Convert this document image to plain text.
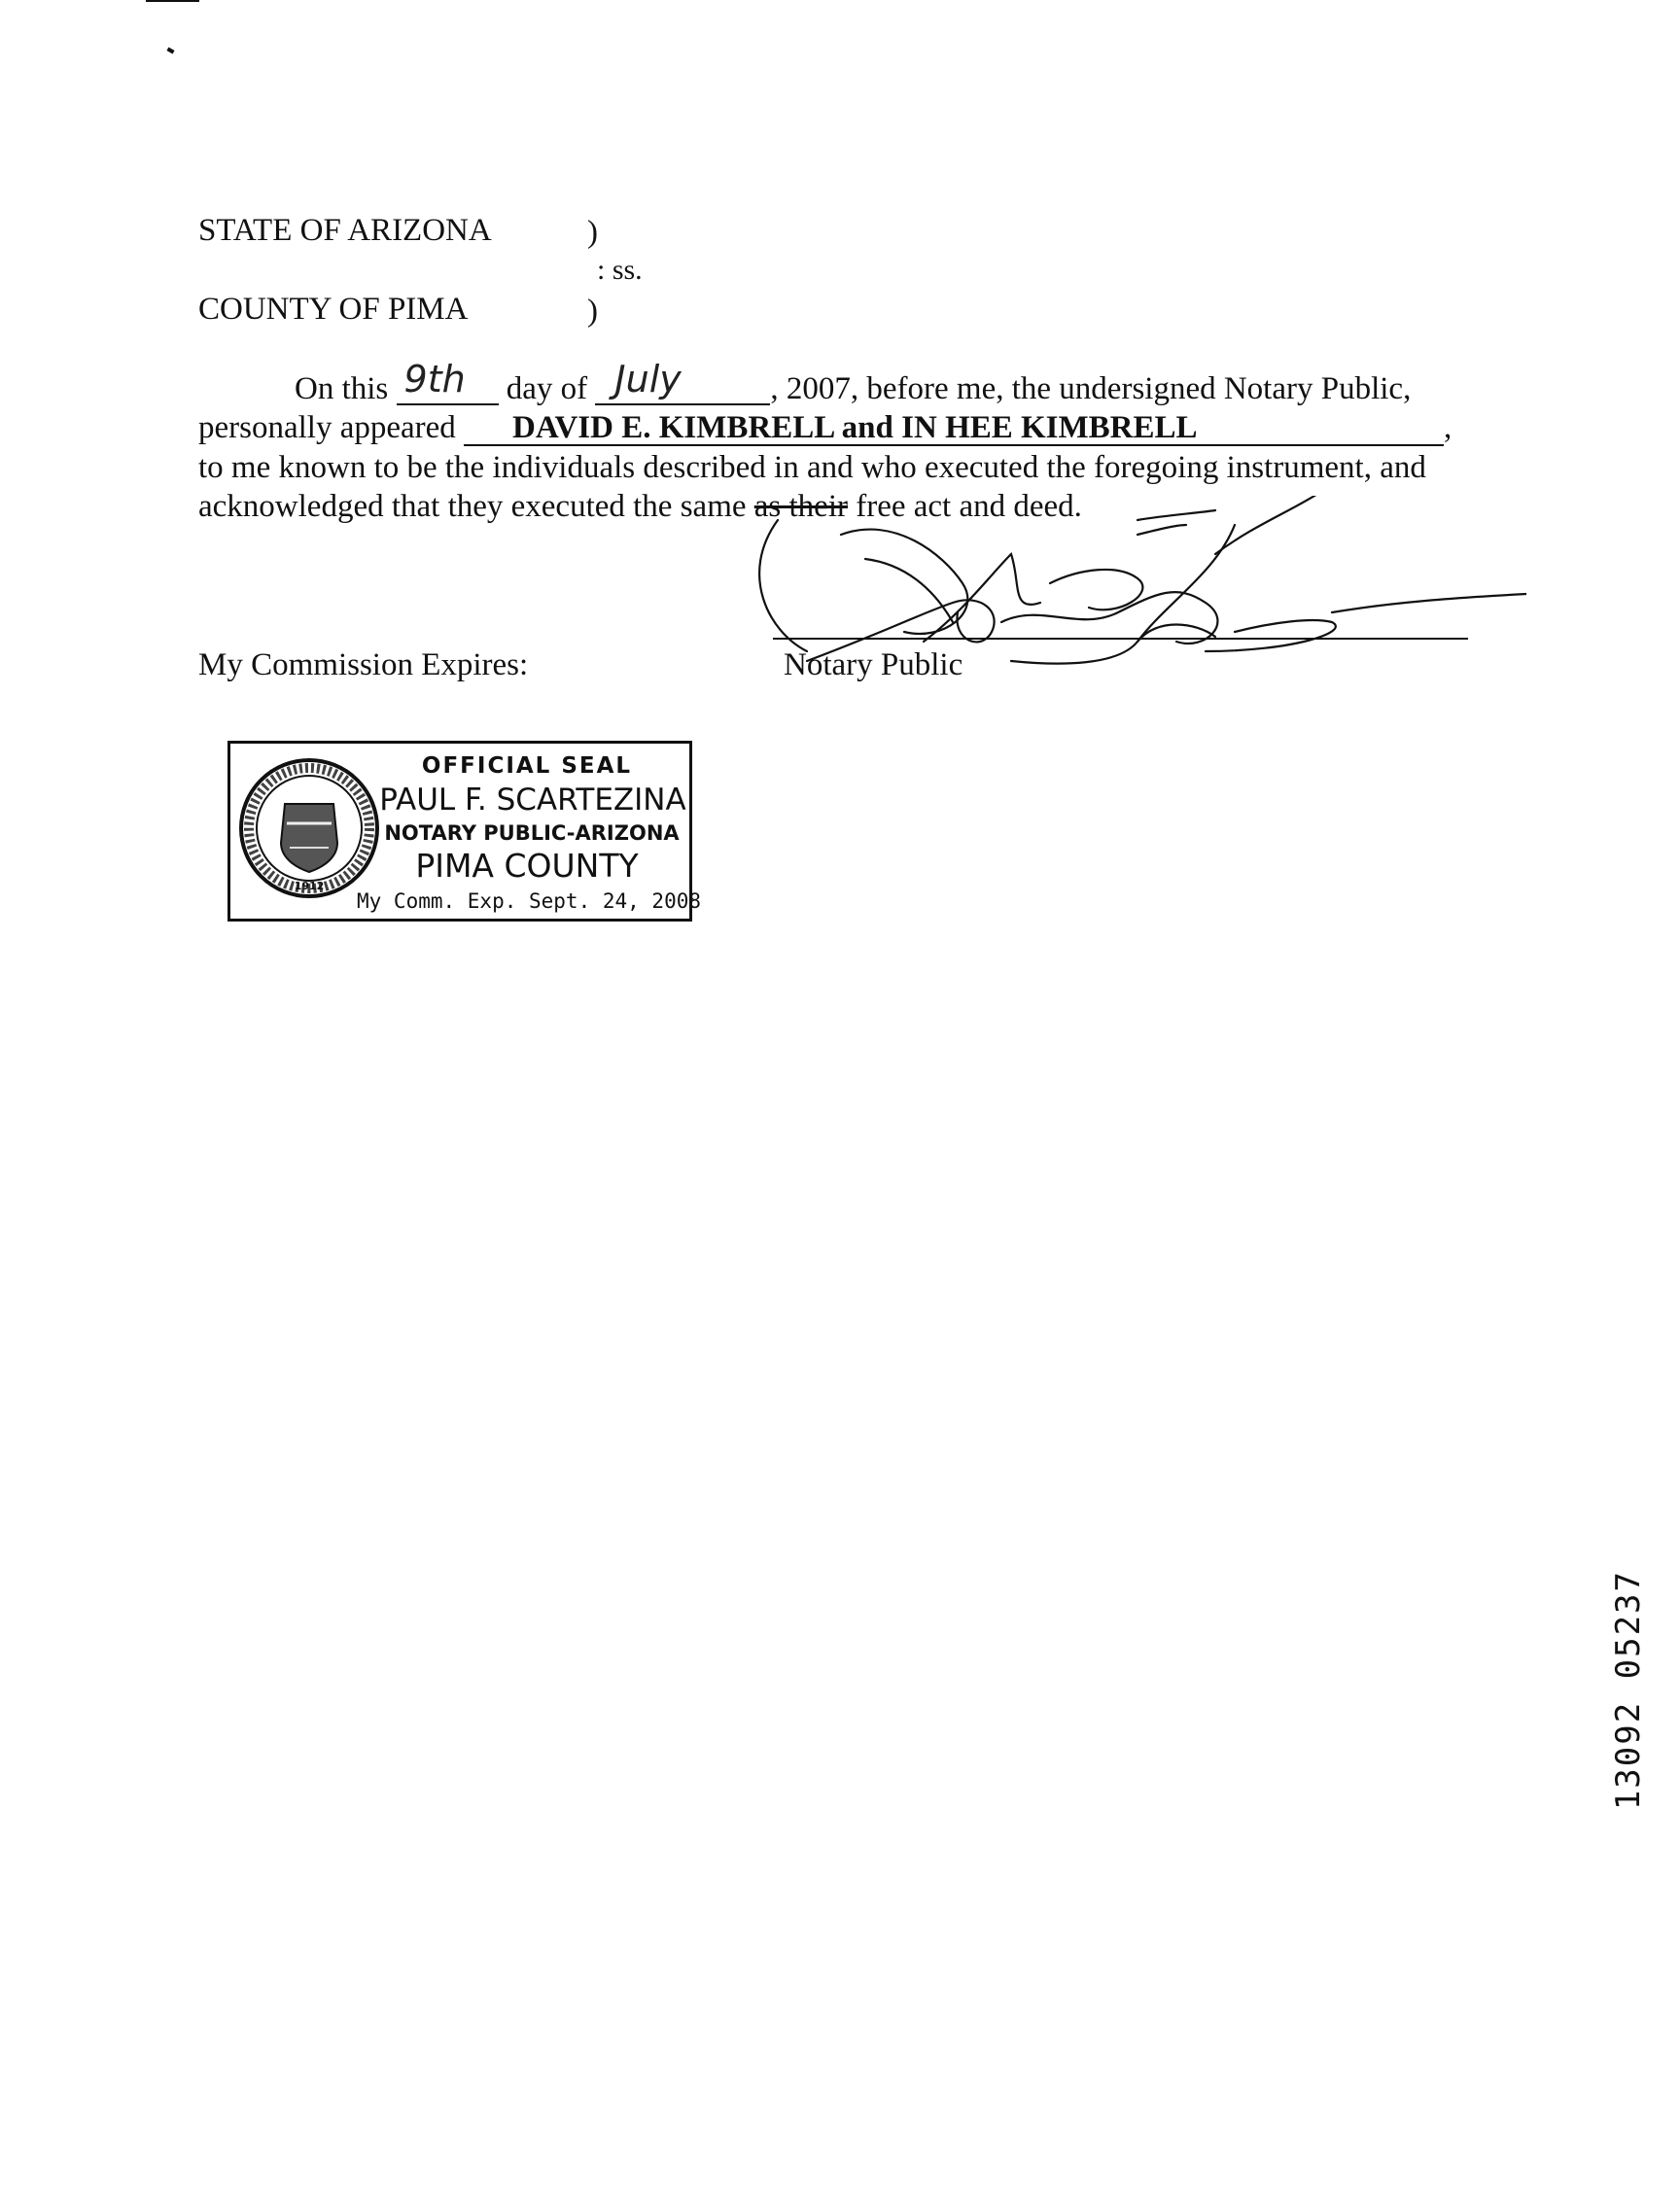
STATE OF ARIZONA	)
: ss.
COUNTY OF PIMA	)
On this 9th day of July	, 2007, before me, the undersigned Notary Public,
personally appeared DAVID E. KIMBRELL and IN HEE KIMBRELL	,
to me known to be the individuals described in and who executed the foregoing instrument, and
acknowledged that they executed the same as their free act and deed.
My Commission Expires:	Notary Public
1912
OFFICIAL SEAL
PAUL F. SCARTEZINA
NOTARY PUBLIC-ARIZONA
PIMA COUNTY
My Comm. Exp. Sept. 24, 2008
13092 05237
